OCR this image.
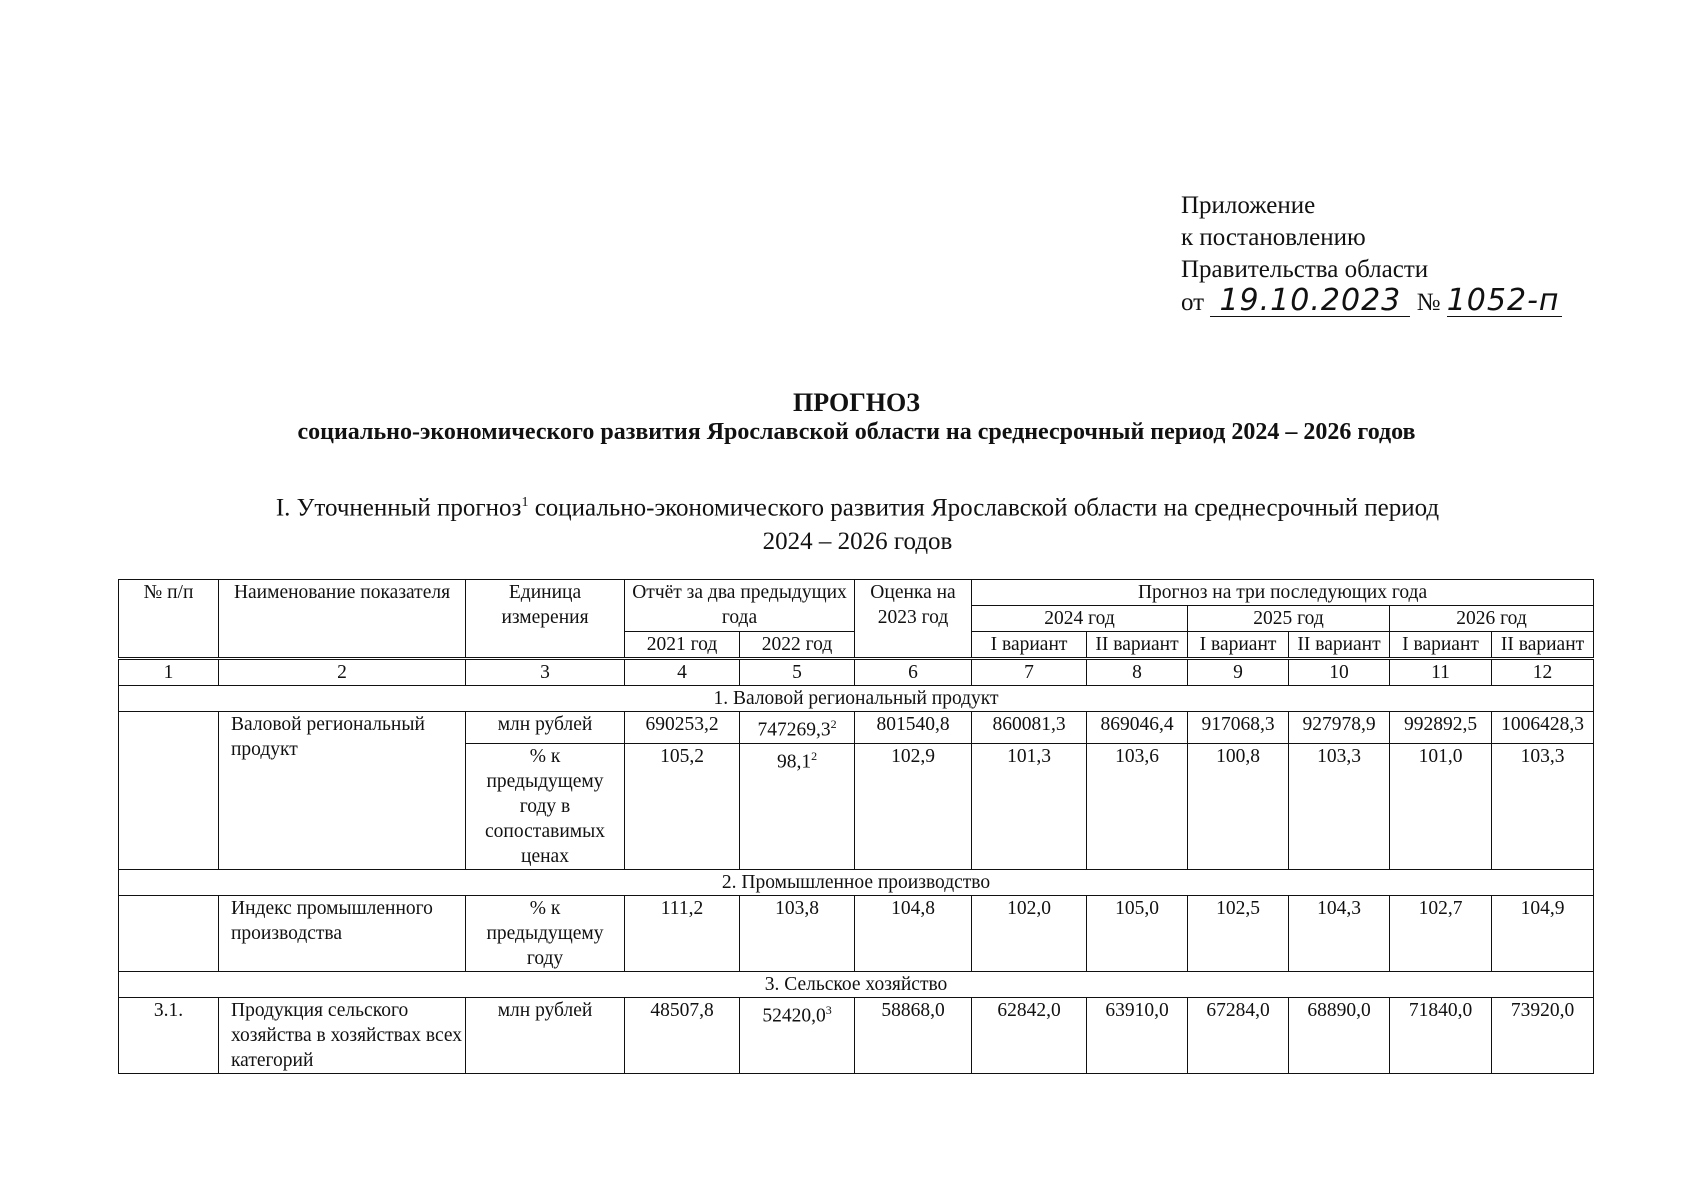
Приложение
к постановлению
Правительства области
от 19.10.2023 № 1052-п
ПРОГНОЗ
социально-экономического развития Ярославской области на среднесрочный период 2024 – 2026 годов
I. Уточненный прогноз$^1$ социально-экономического развития Ярославской области на среднесрочный период
2024 – 2026 годов
№ п/п	Наименование показателя	Единица измерения	Отчёт за два предыдущих года		Оценка на 2023 год	Прогноз на три последующих года					
						2024 год		2025 год		2026 год	
			2021 год	2022 год		I вариант	II вариант	I вариант	II вариант	I вариант	II вариант
1	2	3	4	5	6	7	8	9	10	11	12
1. Валовой региональный продукт											
	Валовой региональный продукт	млн рублей	690253,2	747269,3$^2$	801540,8	860081,3	869046,4	917068,3	927978,9	992892,5	1006428,3
		% к предыдущему году в сопоставимых ценах	105,2	98,1$^2$	102,9	101,3	103,6	100,8	103,3	101,0	103,3
2. Промышленное производство											
	Индекс промышленного производства	% к предыдущему году	111,2	103,8	104,8	102,0	105,0	102,5	104,3	102,7	104,9
3. Сельское хозяйство											
3.1.	Продукция сельского хозяйства в хозяйствах всех категорий	млн рублей	48507,8	52420,0$^3$	58868,0	62842,0	63910,0	67284,0	68890,0	71840,0	73920,0
